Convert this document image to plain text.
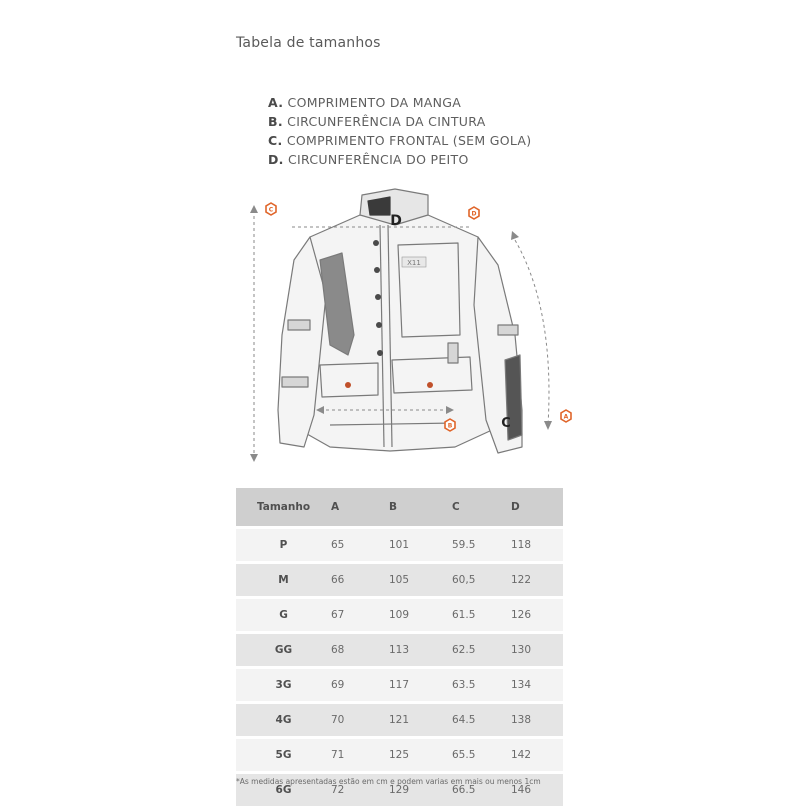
Tabela de tamanhos
A. COMPRIMENTO DA MANGA
B. CIRCUNFERÊNCIA DA CINTURA
C. COMPRIMENTO FRONTAL (SEM GOLA)
D. CIRCUNFERÊNCIA DO PEITO
X11
C
D
B
A
D
C
Tamanho	A	B	C	D
P	65	101	59.5	118
M	66	105	60,5	122
G	67	109	61.5	126
GG	68	113	62.5	130
3G	69	117	63.5	134
4G	70	121	64.5	138
5G	71	125	65.5	142
6G	72	129	66.5	146
*As medidas apresentadas estão em cm e podem varias em mais ou menos 1cm
